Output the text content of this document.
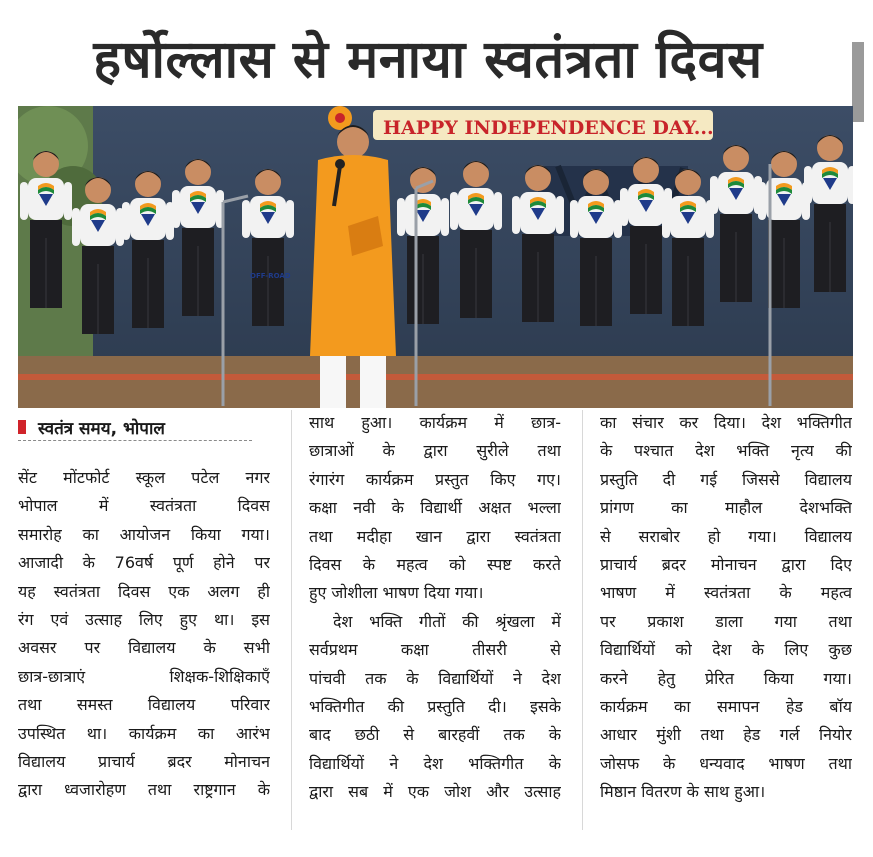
हर्षोल्लास से मनाया स्वतंत्रता दिवस
HAPPY INDEPENDENCE DAY...
OFF-ROAD
स्वतंत्र समय, भोपाल
सेंट मोंटफोर्ट स्कूल पटेल नगर
भोपाल में स्वतंत्रता दिवस
समारोह का आयोजन किया गया।
आजादी के 76वर्ष पूर्ण होने पर
यह स्वतंत्रता दिवस एक अलग ही
रंग एवं उत्साह लिए हुए था। इस
अवसर पर विद्यालय के सभी
छात्र-छात्राएं शिक्षक-शिक्षिकाएँ
तथा समस्त विद्यालय परिवार
उपस्थित था। कार्यक्रम का आरंभ
विद्यालय प्राचार्य ब्रदर मोनाचन
द्वारा ध्वजारोहण तथा राष्ट्रगान के
साथ हुआ। कार्यक्रम में छात्र-
छात्राओं के द्वारा सुरीले तथा
रंगारंग कार्यक्रम प्रस्तुत किए गए।
कक्षा नवी के विद्यार्थी अक्षत भल्ला
तथा मदीहा खान द्वारा स्वतंत्रता
दिवस के महत्व को स्पष्ट करते
हुए जोशीला भाषण दिया गया।
देश भक्ति गीतों की श्रृंखला में
सर्वप्रथम कक्षा तीसरी से
पांचवी तक के विद्यार्थियों ने देश
भक्तिगीत की प्रस्तुति दी। इसके
बाद छठी से बारहवीं तक के
विद्यार्थियों ने देश भक्तिगीत के
द्वारा सब में एक जोश और उत्साह
का संचार कर दिया। देश भक्तिगीत
के पश्चात देश भक्ति नृत्य की
प्रस्तुति दी गई जिससे विद्यालय
प्रांगण का माहौल देशभक्ति
से सराबोर हो गया। विद्यालय
प्राचार्य ब्रदर मोनाचन द्वारा दिए
भाषण में स्वतंत्रता के महत्व
पर प्रकाश डाला गया तथा
विद्यार्थियों को देश के लिए कुछ
करने हेतु प्रेरित किया गया।
कार्यक्रम का समापन हेड बॉय
आधार मुंशी तथा हेड गर्ल नियोर
जोसफ के धन्यवाद भाषण तथा
मिष्ठान वितरण के साथ हुआ।
